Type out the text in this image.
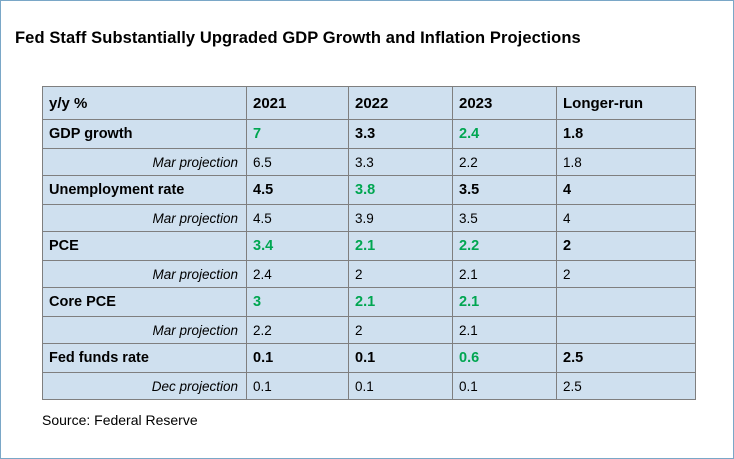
Fed Staff Substantially Upgraded GDP Growth and Inflation Projections
y/y %	2021	2022	2023	Longer-run
GDP growth	7	3.3	2.4	1.8
Mar projection	6.5	3.3	2.2	1.8
Unemployment rate	4.5	3.8	3.5	4
Mar projection	4.5	3.9	3.5	4
PCE	3.4	2.1	2.2	2
Mar projection	2.4	2	2.1	2
Core PCE	3	2.1	2.1	
Mar projection	2.2	2	2.1	
Fed funds rate	0.1	0.1	0.6	2.5
Dec projection	0.1	0.1	0.1	2.5
Source: Federal Reserve
